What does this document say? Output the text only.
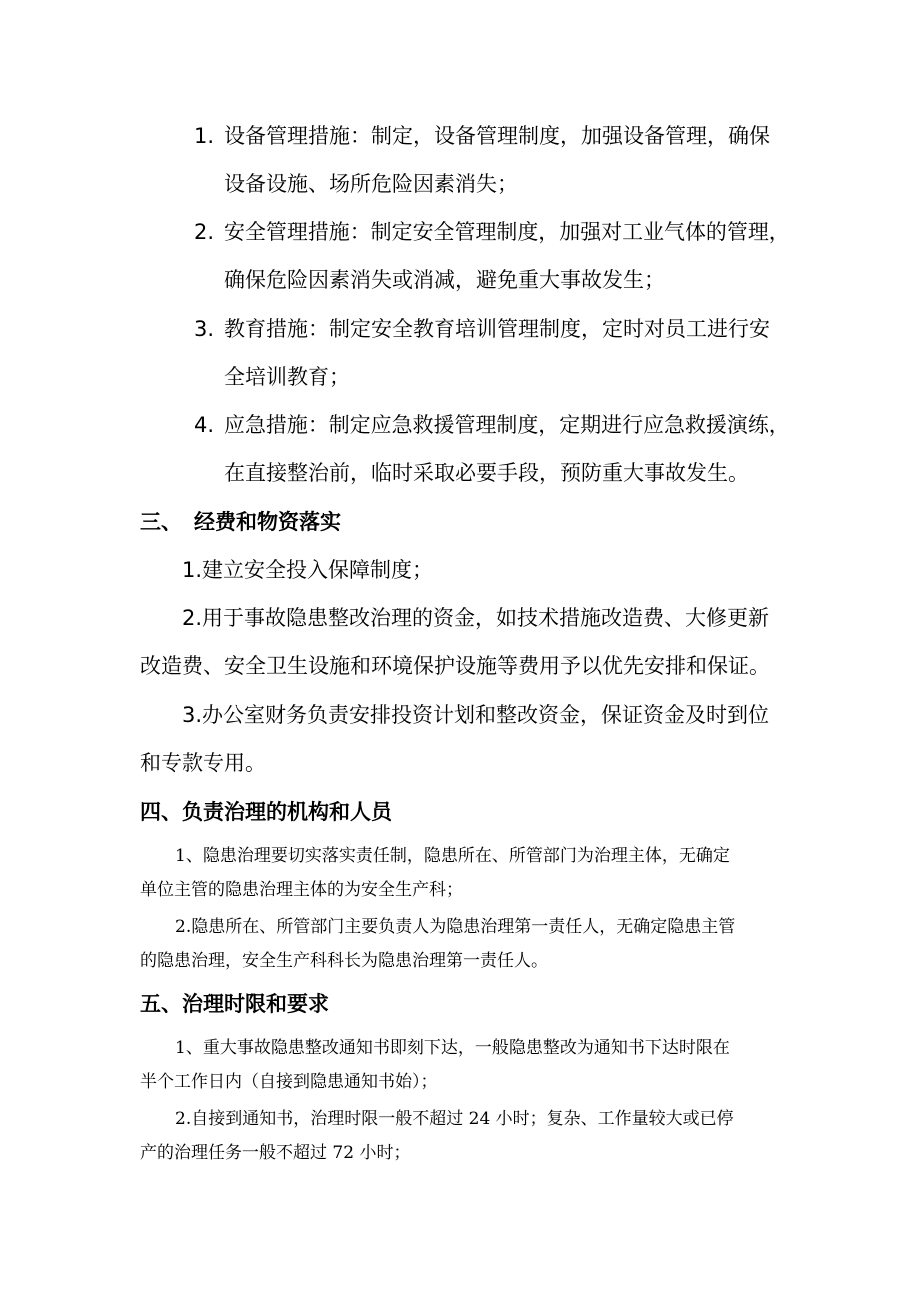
1. 设备管理措施：制定，设备管理制度，加强设备管理，确保
设备设施、场所危险因素消失；
2. 安全管理措施：制定安全管理制度，加强对工业气体的管理，
确保危险因素消失或消减，避免重大事故发生；
3. 教育措施：制定安全教育培训管理制度，定时对员工进行安
全培训教育；
4. 应急措施：制定应急救援管理制度，定期进行应急救援演练，
在直接整治前，临时采取必要手段，预防重大事故发生。
三、 经费和物资落实
1.建立安全投入保障制度；
2.用于事故隐患整改治理的资金，如技术措施改造费、大修更新
改造费、安全卫生设施和环境保护设施等费用予以优先安排和保证。
3.办公室财务负责安排投资计划和整改资金，保证资金及时到位
和专款专用。
四、负责治理的机构和人员
1、隐患治理要切实落实责任制，隐患所在、所管部门为治理主体，无确定
单位主管的隐患治理主体的为安全生产科；
2.隐患所在、所管部门主要负责人为隐患治理第一责任人，无确定隐患主管
的隐患治理，安全生产科科长为隐患治理第一责任人。
五、治理时限和要求
1、重大事故隐患整改通知书即刻下达，一般隐患整改为通知书下达时限在
半个工作日内（自接到隐患通知书始）；
2.自接到通知书，治理时限一般不超过 24 小时；复杂、工作量较大或已停
产的治理任务一般不超过 72 小时；
